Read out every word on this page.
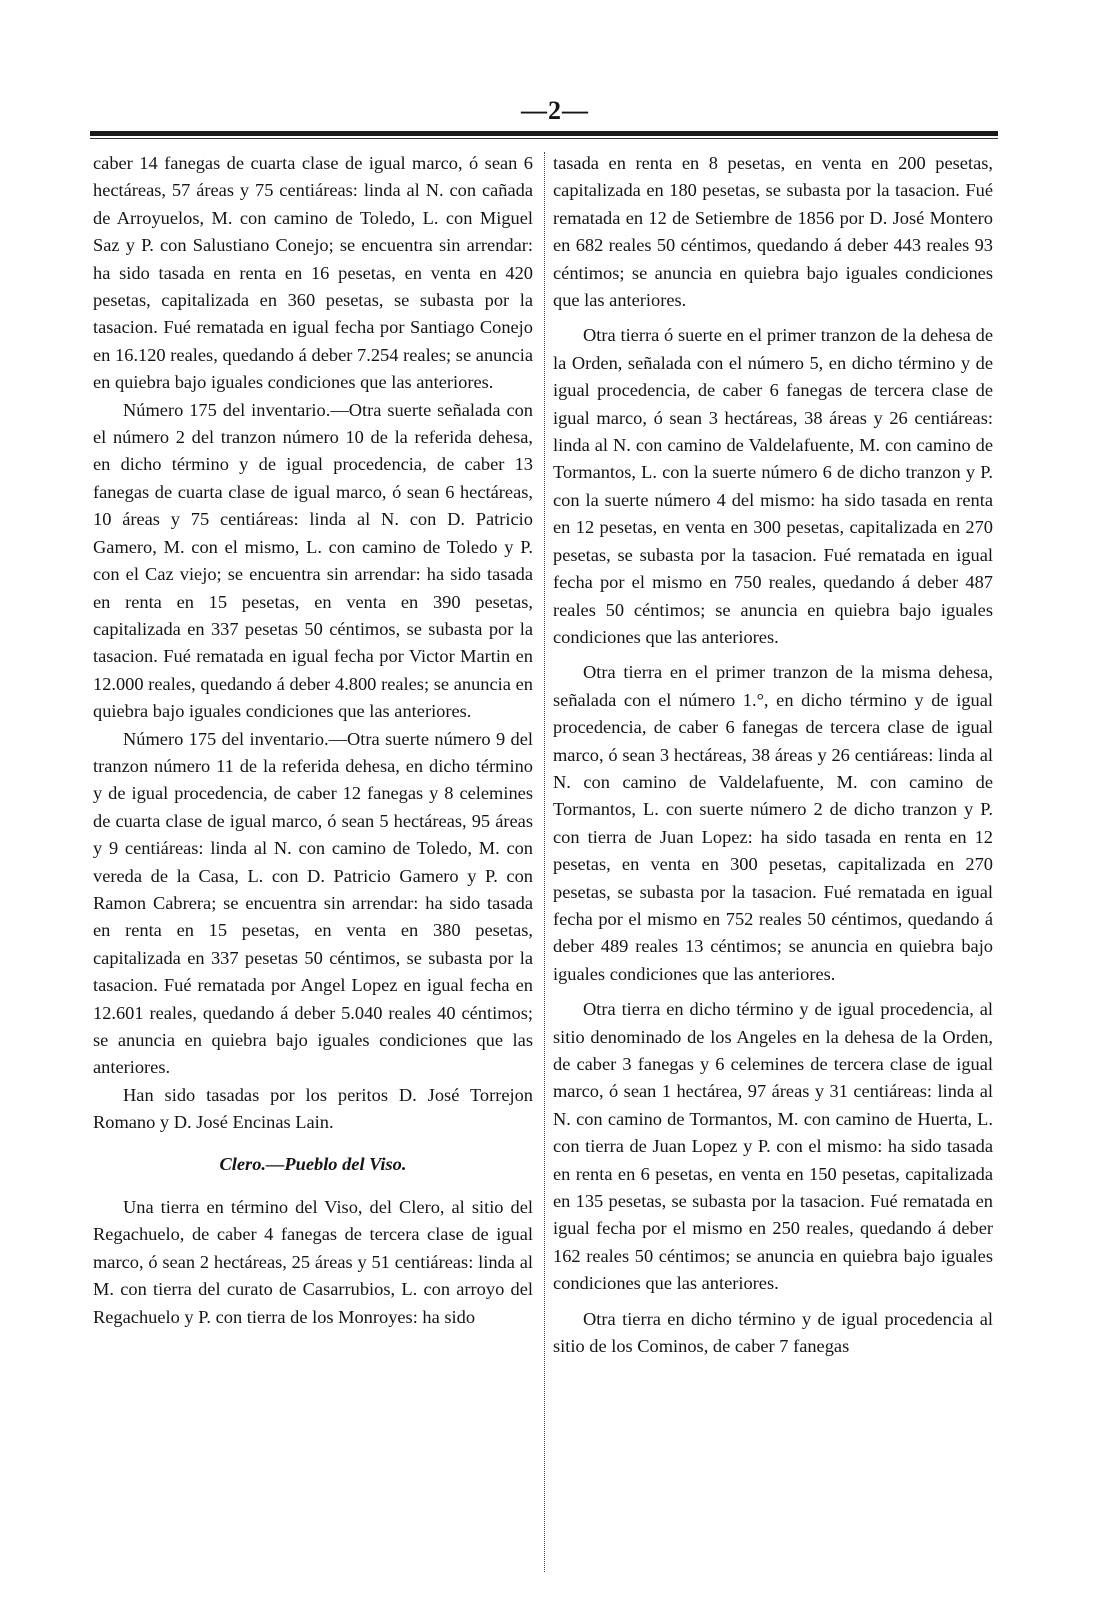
—2—

caber 14 fanegas de cuarta clase de igual marco, ó sean 6 hectáreas, 57 áreas y 75 centiáreas: linda al N. con cañada de Arroyuelos, M. con camino de Toledo, L. con Miguel Saz y P. con Salustiano Conejo; se encuentra sin arrendar: ha sido tasada en renta en 16 pesetas, en venta en 420 pesetas, capitalizada en 360 pesetas, se subasta por la tasacion. Fué rematada en igual fecha por Santiago Conejo en 16.120 reales, quedando á deber 7.254 reales; se anuncia en quiebra bajo iguales condiciones que las anteriores.

Número 175 del inventario.—Otra suerte señalada con el número 2 del tranzon número 10 de la referida dehesa, en dicho término y de igual procedencia, de caber 13 fanegas de cuarta clase de igual marco, ó sean 6 hectáreas, 10 áreas y 75 centiáreas: linda al N. con D. Patricio Gamero, M. con el mismo, L. con camino de Toledo y P. con el Caz viejo; se encuentra sin arrendar: ha sido tasada en renta en 15 pesetas, en venta en 390 pesetas, capitalizada en 337 pesetas 50 céntimos, se subasta por la tasacion. Fué rematada en igual fecha por Victor Martin en 12.000 reales, quedando á deber 4.800 reales; se anuncia en quiebra bajo iguales condiciones que las anteriores.

Número 175 del inventario.—Otra suerte número 9 del tranzon número 11 de la referida dehesa, en dicho término y de igual procedencia, de caber 12 fanegas y 8 celemines de cuarta clase de igual marco, ó sean 5 hectáreas, 95 áreas y 9 centiáreas: linda al N. con camino de Toledo, M. con vereda de la Casa, L. con D. Patricio Gamero y P. con Ramon Cabrera; se encuentra sin arrendar: ha sido tasada en renta en 15 pesetas, en venta en 380 pesetas, capitalizada en 337 pesetas 50 céntimos, se subasta por la tasacion. Fué rematada por Angel Lopez en igual fecha en 12.601 reales, quedando á deber 5.040 reales 40 céntimos; se anuncia en quiebra bajo iguales condiciones que las anteriores.

Han sido tasadas por los peritos D. José Torrejon Romano y D. José Encinas Lain.

Clero.—Pueblo del Viso.

Una tierra en término del Viso, del Clero, al sitio del Regachuelo, de caber 4 fanegas de tercera clase de igual marco, ó sean 2 hectáreas, 25 áreas y 51 centiáreas: linda al M. con tierra del curato de Casarrubios, L. con arroyo del Regachuelo y P. con tierra de los Monroyes: ha sido

tasada en renta en 8 pesetas, en venta en 200 pesetas, capitalizada en 180 pesetas, se subasta por la tasacion. Fué rematada en 12 de Setiembre de 1856 por D. José Montero en 682 reales 50 céntimos, quedando á deber 443 reales 93 céntimos; se anuncia en quiebra bajo iguales condiciones que las anteriores.

Otra tierra ó suerte en el primer tranzon de la dehesa de la Orden, señalada con el número 5, en dicho término y de igual procedencia, de caber 6 fanegas de tercera clase de igual marco, ó sean 3 hectáreas, 38 áreas y 26 centiáreas: linda al N. con camino de Valdelafuente, M. con camino de Tormantos, L. con la suerte número 6 de dicho tranzon y P. con la suerte número 4 del mismo: ha sido tasada en renta en 12 pesetas, en venta en 300 pesetas, capitalizada en 270 pesetas, se subasta por la tasacion. Fué rematada en igual fecha por el mismo en 750 reales, quedando á deber 487 reales 50 céntimos; se anuncia en quiebra bajo iguales condiciones que las anteriores.

Otra tierra en el primer tranzon de la misma dehesa, señalada con el número 1.°, en dicho término y de igual procedencia, de caber 6 fanegas de tercera clase de igual marco, ó sean 3 hectáreas, 38 áreas y 26 centiáreas: linda al N. con camino de Valdelafuente, M. con camino de Tormantos, L. con suerte número 2 de dicho tranzon y P. con tierra de Juan Lopez: ha sido tasada en renta en 12 pesetas, en venta en 300 pesetas, capitalizada en 270 pesetas, se subasta por la tasacion. Fué rematada en igual fecha por el mismo en 752 reales 50 céntimos, quedando á deber 489 reales 13 céntimos; se anuncia en quiebra bajo iguales condiciones que las anteriores.

Otra tierra en dicho término y de igual procedencia, al sitio denominado de los Angeles en la dehesa de la Orden, de caber 3 fanegas y 6 celemines de tercera clase de igual marco, ó sean 1 hectárea, 97 áreas y 31 centiáreas: linda al N. con camino de Tormantos, M. con camino de Huerta, L. con tierra de Juan Lopez y P. con el mismo: ha sido tasada en renta en 6 pesetas, en venta en 150 pesetas, capitalizada en 135 pesetas, se subasta por la tasacion. Fué rematada en igual fecha por el mismo en 250 reales, quedando á deber 162 reales 50 céntimos; se anuncia en quiebra bajo iguales condiciones que las anteriores.

Otra tierra en dicho término y de igual procedencia al sitio de los Cominos, de caber 7 fanegas
